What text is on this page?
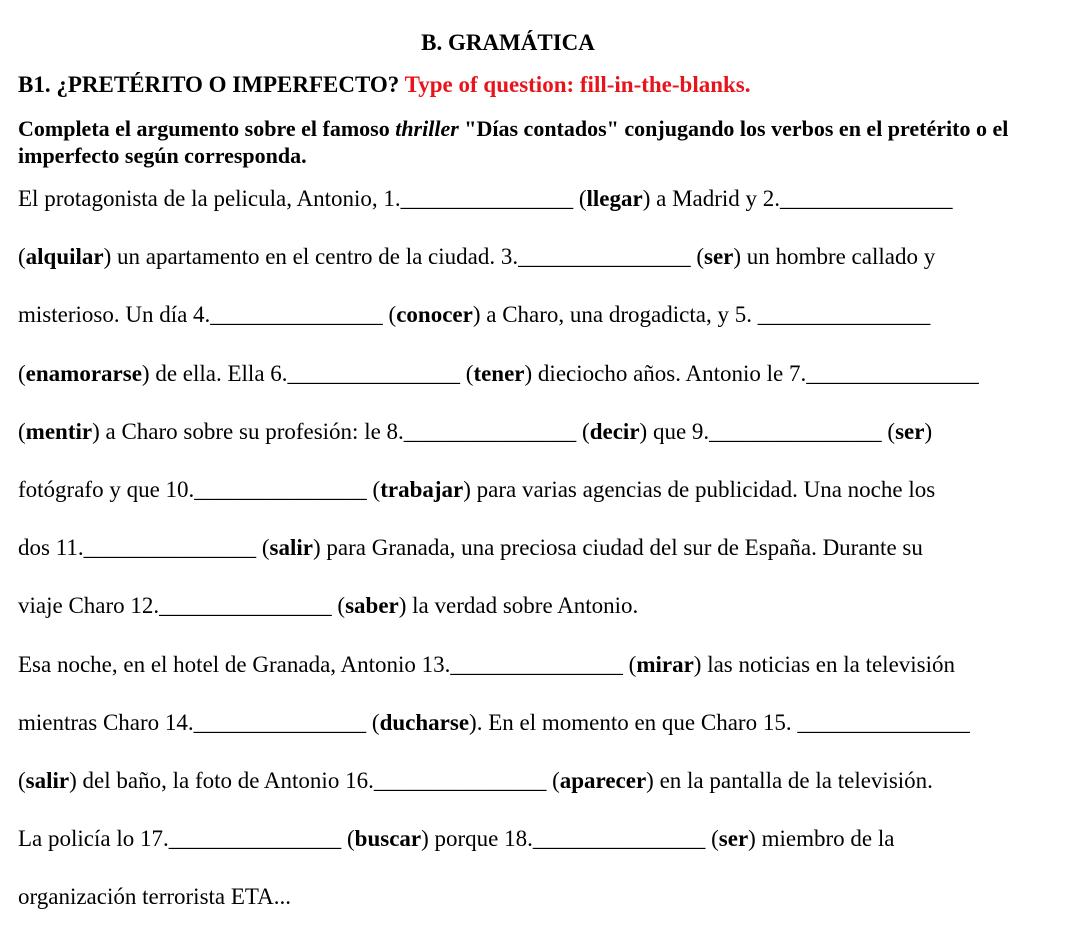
B. GRAMÁTICA
B1. ¿PRETÉRITO O IMPERFECTO? Type of question: fill-in-the-blanks.
Completa el argumento sobre el famoso thriller "Días contados" conjugando los verbos en el pretérito o el imperfecto según corresponda.
El protagonista de la pelicula, Antonio, 1._______________ (llegar) a Madrid y 2._______________
(alquilar) un apartamento en el centro de la ciudad. 3._______________ (ser) un hombre callado y
misterioso. Un día 4._______________ (conocer) a Charo, una drogadicta, y 5. _______________
(enamorarse) de ella. Ella 6._______________ (tener) dieciocho años. Antonio le 7._______________
(mentir) a Charo sobre su profesión: le 8._______________ (decir) que 9._______________ (ser)
fotógrafo y que 10._______________ (trabajar) para varias agencias de publicidad. Una noche los
dos 11._______________ (salir) para Granada, una preciosa ciudad del sur de España. Durante su
viaje Charo 12._______________ (saber) la verdad sobre Antonio.
Esa noche, en el hotel de Granada, Antonio 13._______________ (mirar) las noticias en la televisión
mientras Charo 14._______________ (ducharse). En el momento en que Charo 15. _______________
(salir) del baño, la foto de Antonio 16._______________ (aparecer) en la pantalla de la televisión.
La policía lo 17._______________ (buscar) porque 18._______________ (ser) miembro de la
organización terrorista ETA...
